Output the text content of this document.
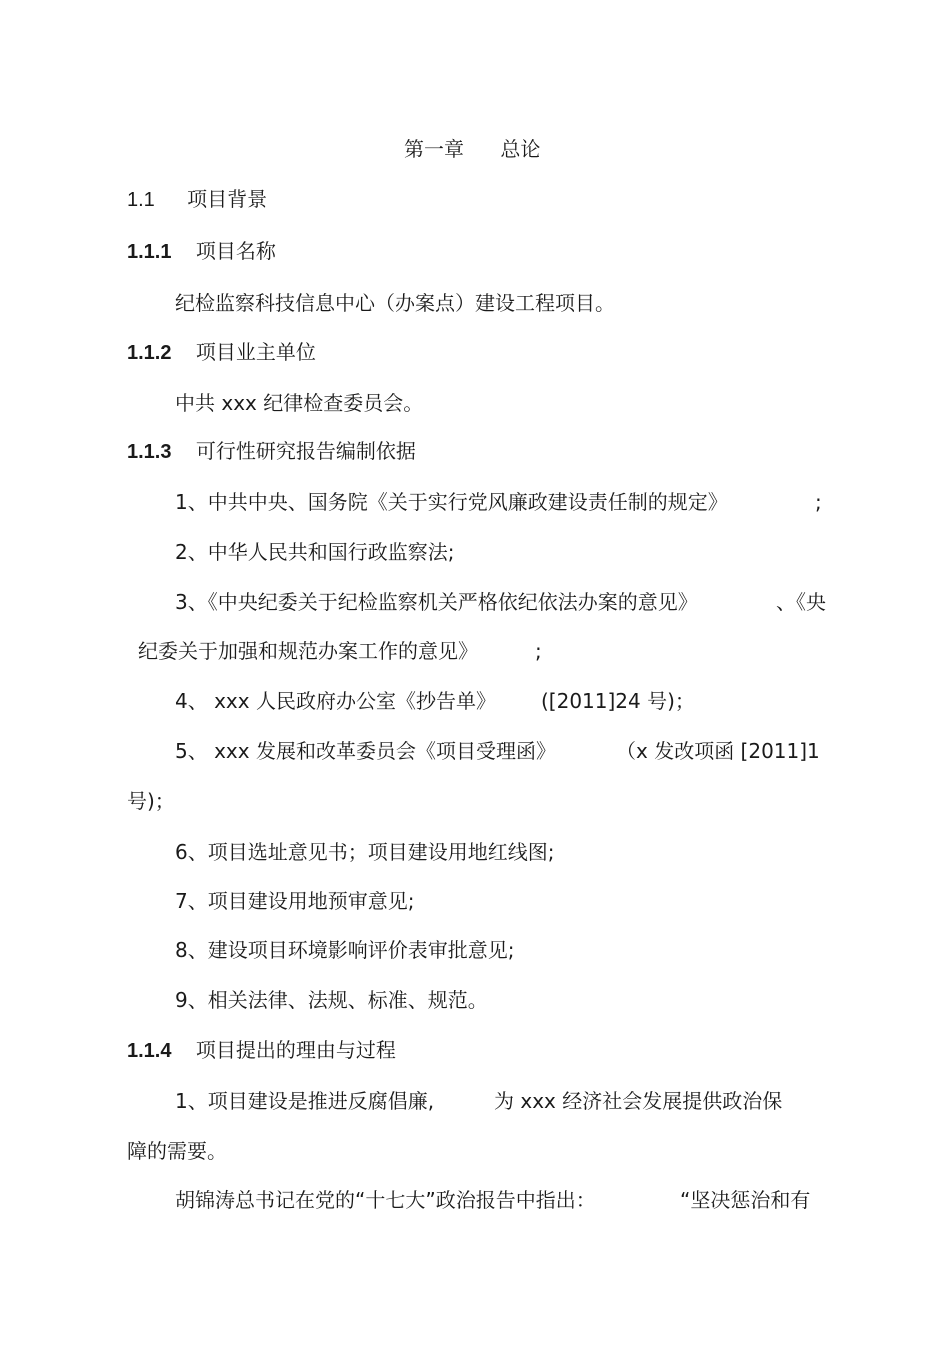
第一章 总论
1.1 项目背景
1.1.1 项目名称
纪检监察科技信息中心（办案点）建设工程项目。
1.1.2 项目业主单位
中共 xxx 纪律检查委员会。
1.1.3 可行性研究报告编制依据
1、中共中央、国务院《关于实行党风廉政建设责任制的规定》	;
2、中华人民共和国行政监察法;
3、《中央纪委关于纪检监察机关严格依纪依法办案的意见》	、《央
纪委关于加强和规范办案工作的意见》	;
4、 xxx 人民政府办公室《抄告单》 ([2011]24 号)；
5、 xxx 发展和改革委员会《项目受理函》	（x 发改项函 [2011]1
号)；
6、项目选址意见书；项目建设用地红线图;
7、项目建设用地预审意见;
8、建设项目环境影响评价表审批意见;
9、相关法律、法规、标准、规范。
1.1.4 项目提出的理由与过程
1、项目建设是推进反腐倡廉,	为 xxx 经济社会发展提供政治保
障的需要。
胡锦涛总书记在党的“十七大”政治报告中指出：	“坚决惩治和有
